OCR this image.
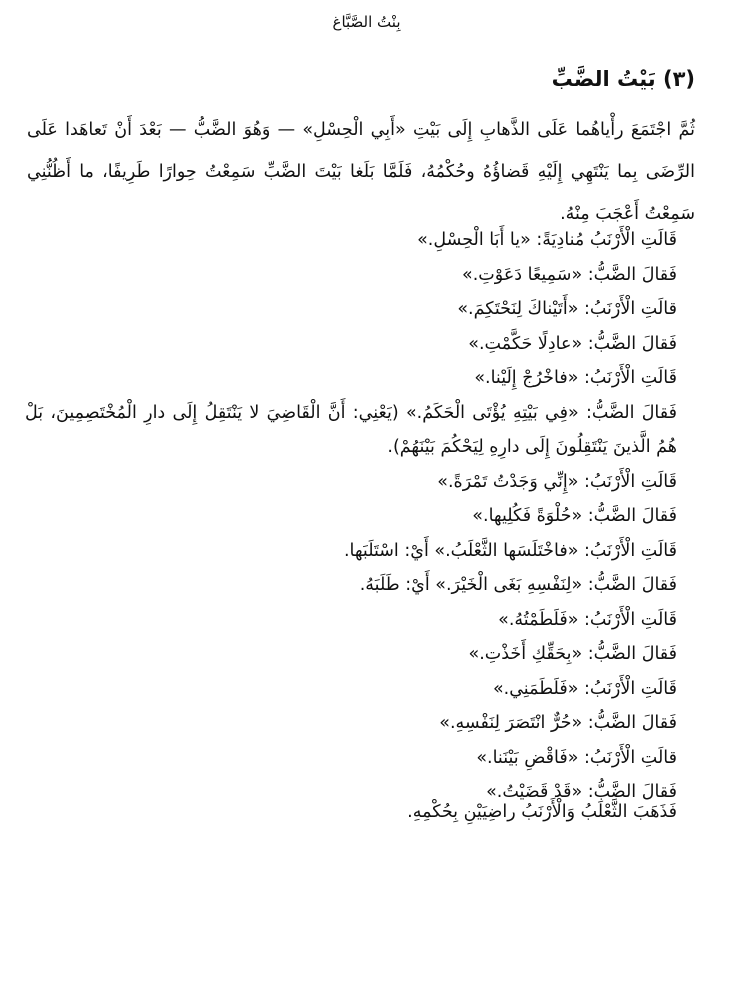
بِنْتُ الصَّبَّاغ
(٣) بَيْتُ الضَّبِّ

ثُمَّ اجْتَمَعَ رأْياهُما عَلَى الذَّهابِ إِلَى بَيْتِ «أَبِي الْحِسْلِ» — وَهُوَ الضَّبُّ — بَعْدَ أَنْ تَعاهَدا عَلَى الرِّضَى بِما يَنْتَهِي إِلَيْهِ قَضاؤُهُ وحُكْمُهُ، فَلَمَّا بَلَغا بَيْتَ الضَّبِّ سَمِعْتُ حِوارًا طَرِيفًا، ما أَظُنُّنِي سَمِعْتُ أَعْجَبَ مِنْهُ.

قَالَتِ الْأَرْنَبُ مُنادِيَةً: «يا أَبَا الْحِسْلِ.»
فَقالَ الضَّبُّ: «سَمِيعًا دَعَوْتِ.»
قالَتِ الْأَرْنَبُ: «أَتَيْناكَ لِنَحْتَكِمَ.»
فَقالَ الضَّبُّ: «عادِلًا حَكَّمْتِ.»
قَالَتِ الْأَرْنَبُ: «فاخْرُجْ إِلَيْنا.»
فَقالَ الضَّبُّ: «فِي بَيْتِهِ يُؤْتَى الْحَكَمُ.» (يَعْنِي: أَنَّ الْقَاضِيَ لا يَنْتَقِلُ إِلَى دارِ الْمُخْتَصِمِينَ، بَلْ هُمُ الَّذينَ يَنْتَقِلُونَ إِلَى دارِهِ لِيَحْكُمَ بَيْنَهُمْ).
قَالَتِ الْأَرْنَبُ: «إِنِّي وَجَدْتُ تَمْرَةً.»
فَقالَ الضَّبُّ: «حُلْوَةً فَكُلِيها.»
قَالَتِ الْأَرْنَبُ: «فاخْتَلَسَها الثَّعْلَبُ.» أَيْ: اسْتَلَبَها.
فَقالَ الضَّبُّ: «لِنَفْسِهِ بَغَى الْخَيْرَ.» أَيْ: طَلَبَهُ.
قَالَتِ الْأَرْنَبُ: «فَلَطَمْتُهُ.»
فَقالَ الضَّبُّ: «بِحَقِّكِ أَخَذْتِ.»
قَالَتِ الْأَرْنَبُ: «فَلَطَمَنِي.»
فَقالَ الضَّبُّ: «حُرٌّ انْتَصَرَ لِنَفْسِهِ.»
قالَتِ الْأَرْنَبُ: «فَاقْضِ بَيْنَنا.»
فَقالَ الضَّبُّ: «قَدْ قَضَيْتُ.»

فَذَهَبَ الثَّعْلَبُ وَالْأَرْنَبُ راضِيَيْنِ بِحُكْمِهِ.
